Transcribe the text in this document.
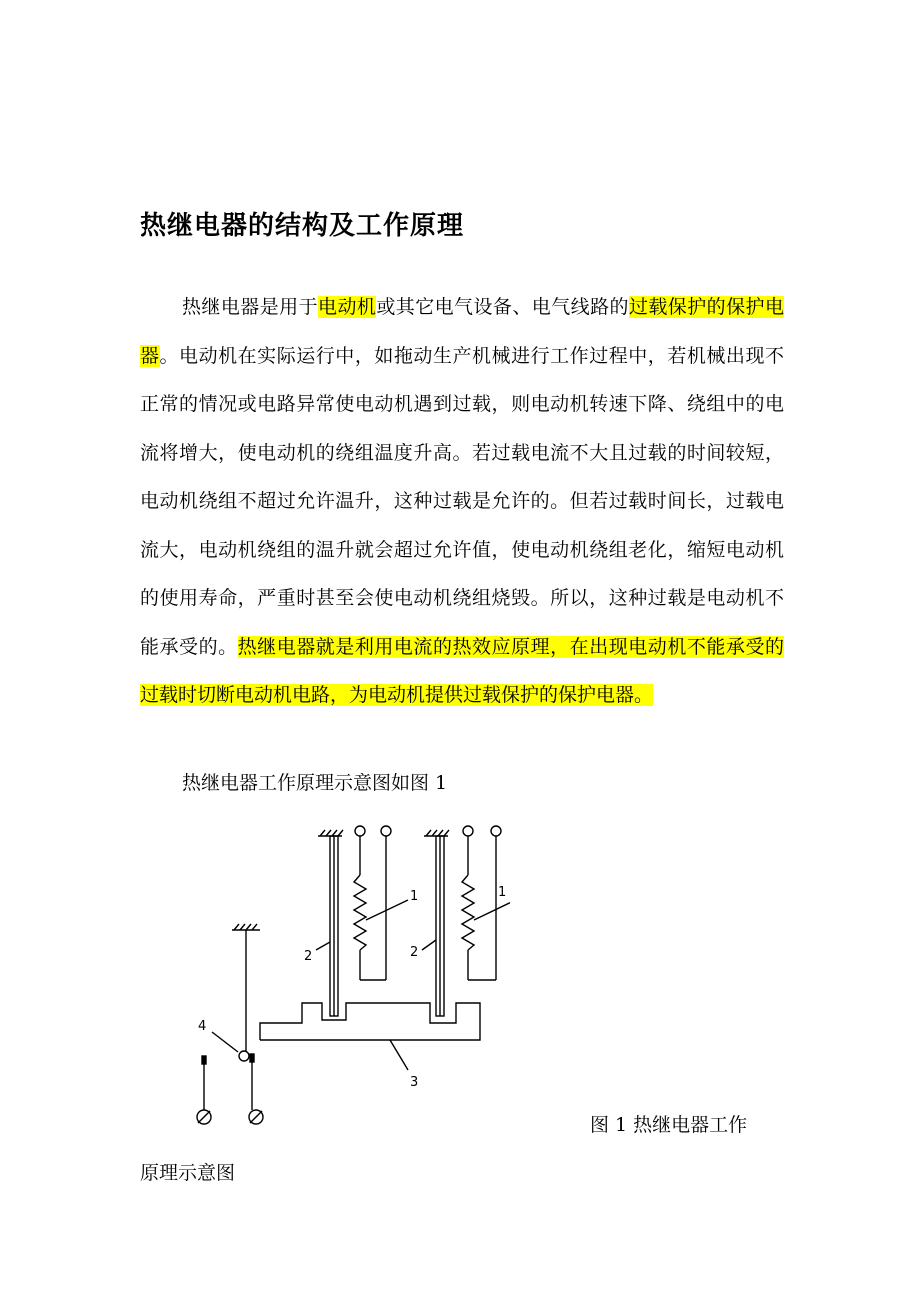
热继电器的结构及工作原理

热继电器是用于电动机或其它电气设备、电气线路的过载保护的保护电器。电动机在实际运行中，如拖动生产机械进行工作过程中，若机械出现不正常的情况或电路异常使电动机遇到过载，则电动机转速下降、绕组中的电流将增大，使电动机的绕组温度升高。若过载电流不大且过载的时间较短，电动机绕组不超过允许温升，这种过载是允许的。但若过载时间长，过载电流大，电动机绕组的温升就会超过允许值，使电动机绕组老化，缩短电动机的使用寿命，严重时甚至会使电动机绕组烧毁。所以，这种过载是电动机不能承受的。热继电器就是利用电流的热效应原理，在出现电动机不能承受的过载时切断电动机电路，为电动机提供过载保护的保护电器。

热继电器工作原理示意图如图 1
1	1
2	2
3
4
图 1 热继电器工作
原理示意图
